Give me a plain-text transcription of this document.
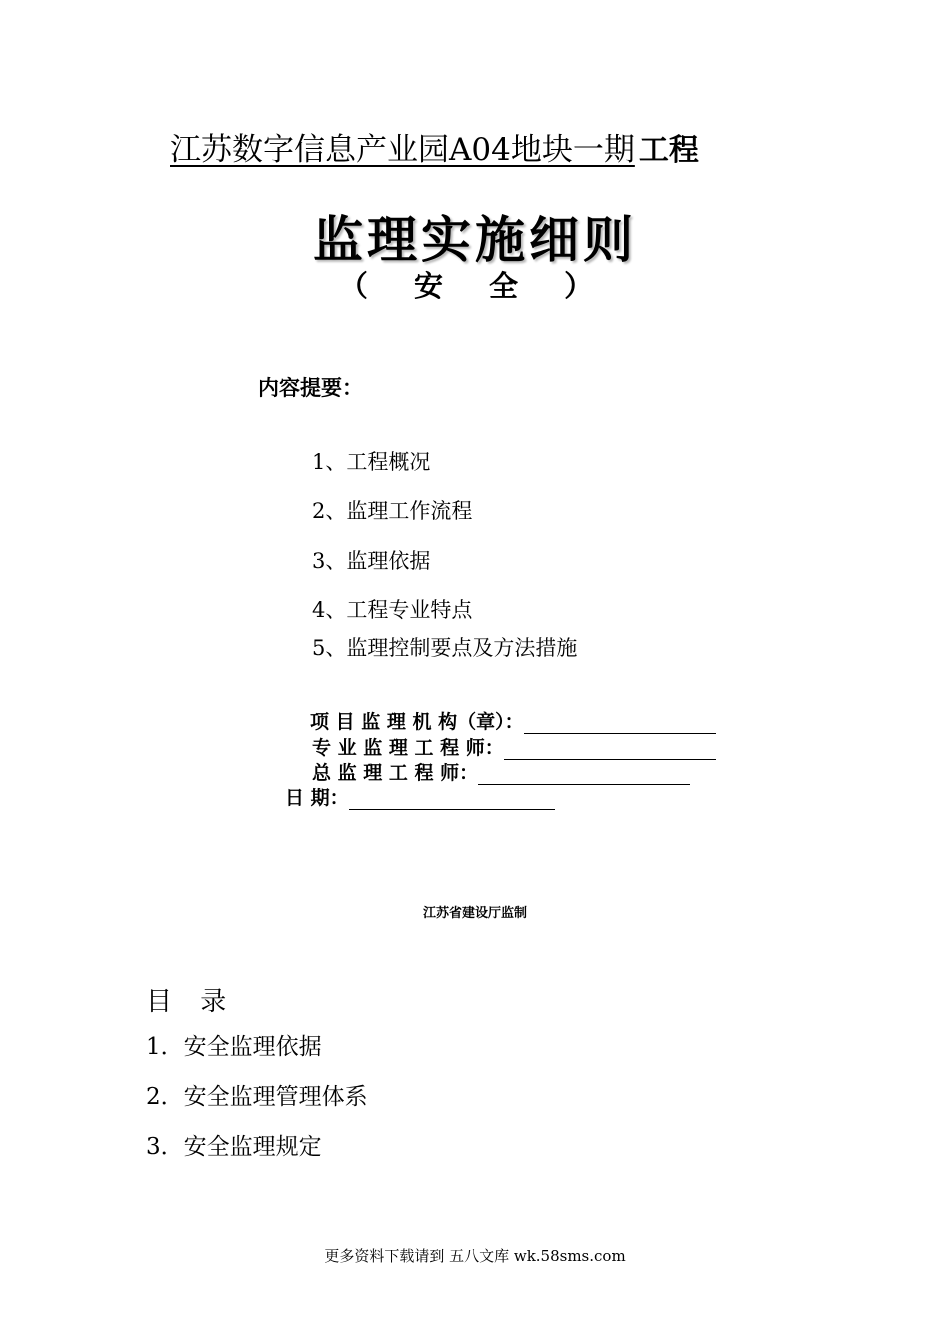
江苏数字信息产业园A04地块一期 工程
监理实施细则
（ 安 全 ）
内容提要：
1、工程概况
2、监理工作流程
3、监理依据
4、工程专业特点
5、监理控制要点及方法措施
项 目 监 理 机 构（章）：
专 业 监 理 工 程 师：
总 监 理 工 程 师：
日 期：
江苏省建设厅监制
目 录
1．安全监理依据
2．安全监理管理体系
3．安全监理规定
更多资料下载请到 五八文库 wk.58sms.com
